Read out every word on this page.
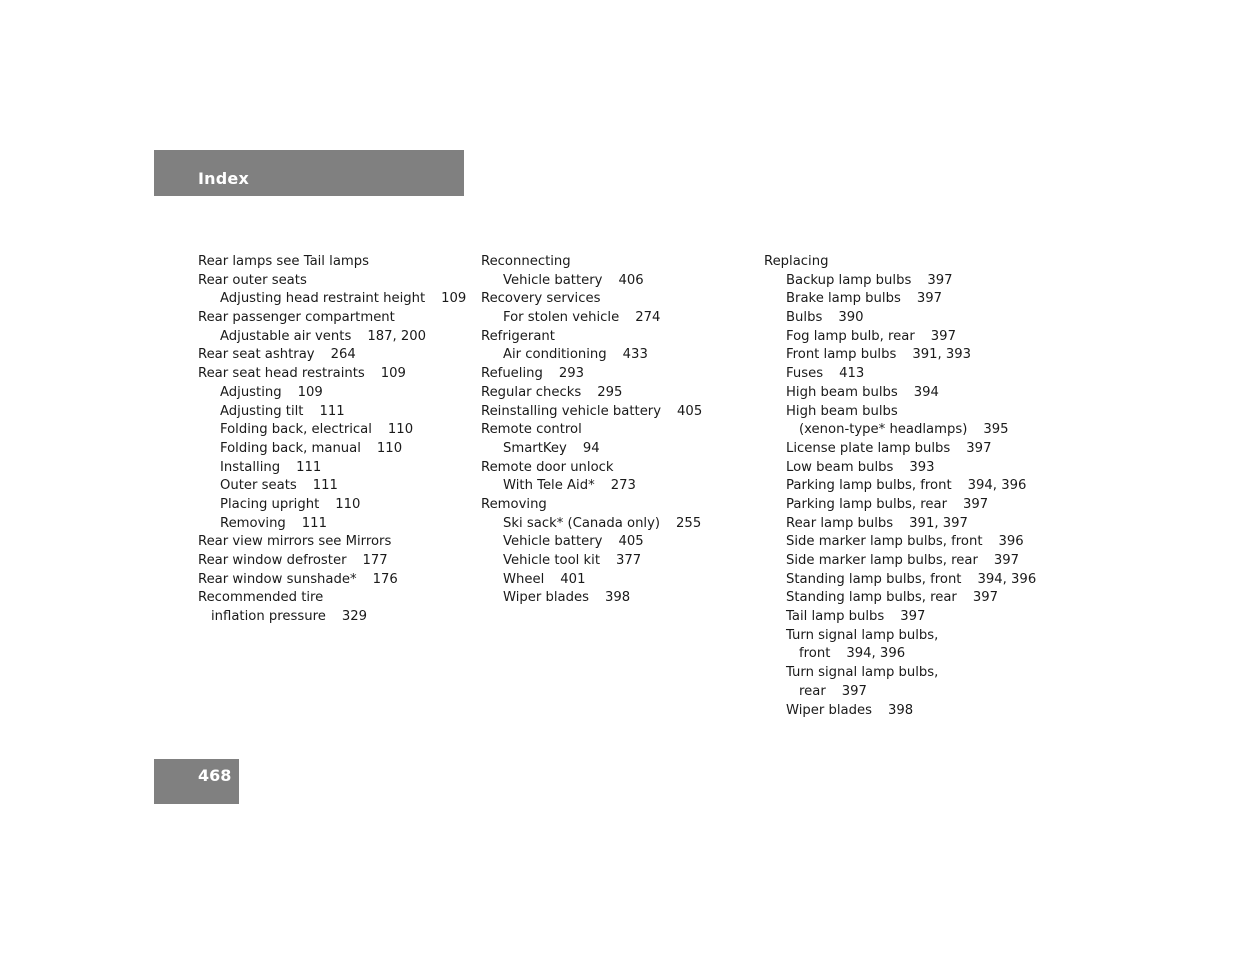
Index
Rear lamps see Tail lamps
Rear outer seats
Adjusting head restraint height 109
Rear passenger compartment
Adjustable air vents 187, 200
Rear seat ashtray 264
Rear seat head restraints 109
Adjusting 109
Adjusting tilt 111
Folding back, electrical 110
Folding back, manual 110
Installing 111
Outer seats 111
Placing upright 110
Removing 111
Rear view mirrors see Mirrors
Rear window defroster 177
Rear window sunshade* 176
Recommended tire
inflation pressure 329
Reconnecting
Vehicle battery 406
Recovery services
For stolen vehicle 274
Refrigerant
Air conditioning 433
Refueling 293
Regular checks 295
Reinstalling vehicle battery 405
Remote control
SmartKey 94
Remote door unlock
With Tele Aid* 273
Removing
Ski sack* (Canada only) 255
Vehicle battery 405
Vehicle tool kit 377
Wheel 401
Wiper blades 398
Replacing
Backup lamp bulbs 397
Brake lamp bulbs 397
Bulbs 390
Fog lamp bulb, rear 397
Front lamp bulbs 391, 393
Fuses 413
High beam bulbs 394
High beam bulbs
(xenon-type* headlamps) 395
License plate lamp bulbs 397
Low beam bulbs 393
Parking lamp bulbs, front 394, 396
Parking lamp bulbs, rear 397
Rear lamp bulbs 391, 397
Side marker lamp bulbs, front 396
Side marker lamp bulbs, rear 397
Standing lamp bulbs, front 394, 396
Standing lamp bulbs, rear 397
Tail lamp bulbs 397
Turn signal lamp bulbs,
front 394, 396
Turn signal lamp bulbs,
rear 397
Wiper blades 398
468
